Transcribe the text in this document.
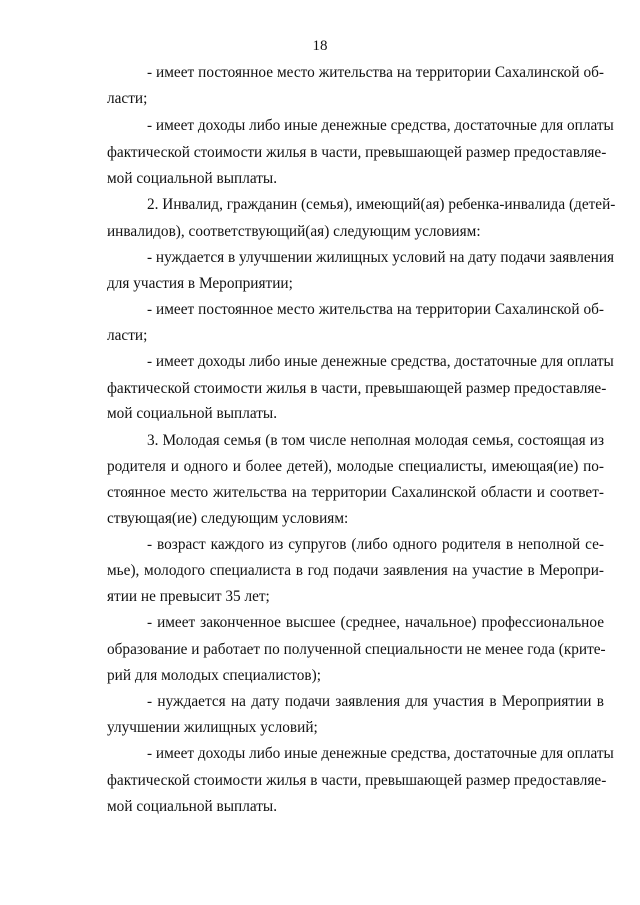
18
- имеет постоянное место жительства на территории Сахалинской об-
ласти;
- имеет доходы либо иные денежные средства, достаточные для оплаты
фактической стоимости жилья в части, превышающей размер предоставляе-
мой социальной выплаты.
2. Инвалид, гражданин (семья), имеющий(ая) ребенка-инвалида (детей-
инвалидов), соответствующий(ая) следующим условиям:
- нуждается в улучшении жилищных условий на дату подачи заявления
для участия в Мероприятии;
- имеет постоянное место жительства на территории Сахалинской об-
ласти;
- имеет доходы либо иные денежные средства, достаточные для оплаты
фактической стоимости жилья в части, превышающей размер предоставляе-
мой социальной выплаты.
3. Молодая семья (в том числе неполная молодая семья, состоящая из
родителя и одного и более детей), молодые специалисты, имеющая(ие) по-
стоянное место жительства на территории Сахалинской области и соответ-
ствующая(ие) следующим условиям:
- возраст каждого из супругов (либо одного родителя в неполной се-
мье), молодого специалиста в год подачи заявления на участие в Меропри-
ятии не превысит 35 лет;
- имеет законченное высшее (среднее, начальное) профессиональное
образование и работает по полученной специальности не менее года (крите-
рий для молодых специалистов);
- нуждается на дату подачи заявления для участия в Мероприятии в
улучшении жилищных условий;
- имеет доходы либо иные денежные средства, достаточные для оплаты
фактической стоимости жилья в части, превышающей размер предоставляе-
мой социальной выплаты.
